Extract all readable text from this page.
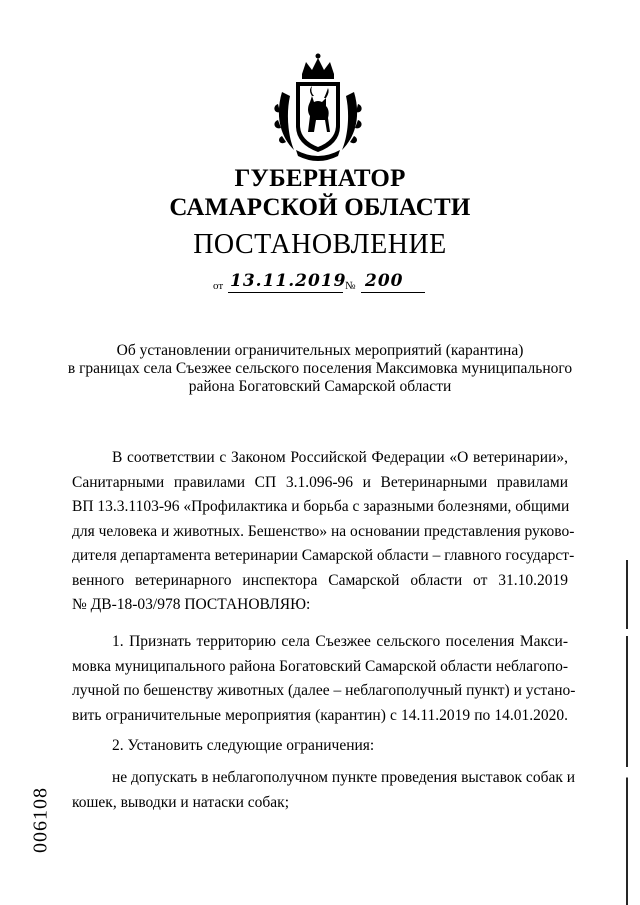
ГУБЕРНАТОР
САМАРСКОЙ ОБЛАСТИ
ПОСТАНОВЛЕНИЕ
от 13.11.2019
№ 200
Об установлении ограничительных мероприятий (карантина)
в границах села Съезжее сельского поселения Максимовка муниципального
района Богатовский Самарской области
В соответствии с Законом Российской Федерации «О ветеринарии»,
Санитарными правилами СП 3.1.096-96 и Ветеринарными правилами
ВП 13.3.1103-96 «Профилактика и борьба с заразными болезнями, общими
для человека и животных. Бешенство» на основании представления руково-
дителя департамента ветеринарии Самарской области – главного государст-
венного ветеринарного инспектора Самарской области от 31.10.2019
№ ДВ-18-03/978 ПОСТАНОВЛЯЮ:
1. Признать территорию села Съезжее сельского поселения Макси-
мовка муниципального района Богатовский Самарской области неблагопо-
лучной по бешенству животных (далее – неблагополучный пункт) и устано-
вить ограничительные мероприятия (карантин) с 14.11.2019 по 14.01.2020.
2. Установить следующие ограничения:
не допускать в неблагополучном пункте проведения выставок собак и
кошек, выводки и натаски собак;
006108
